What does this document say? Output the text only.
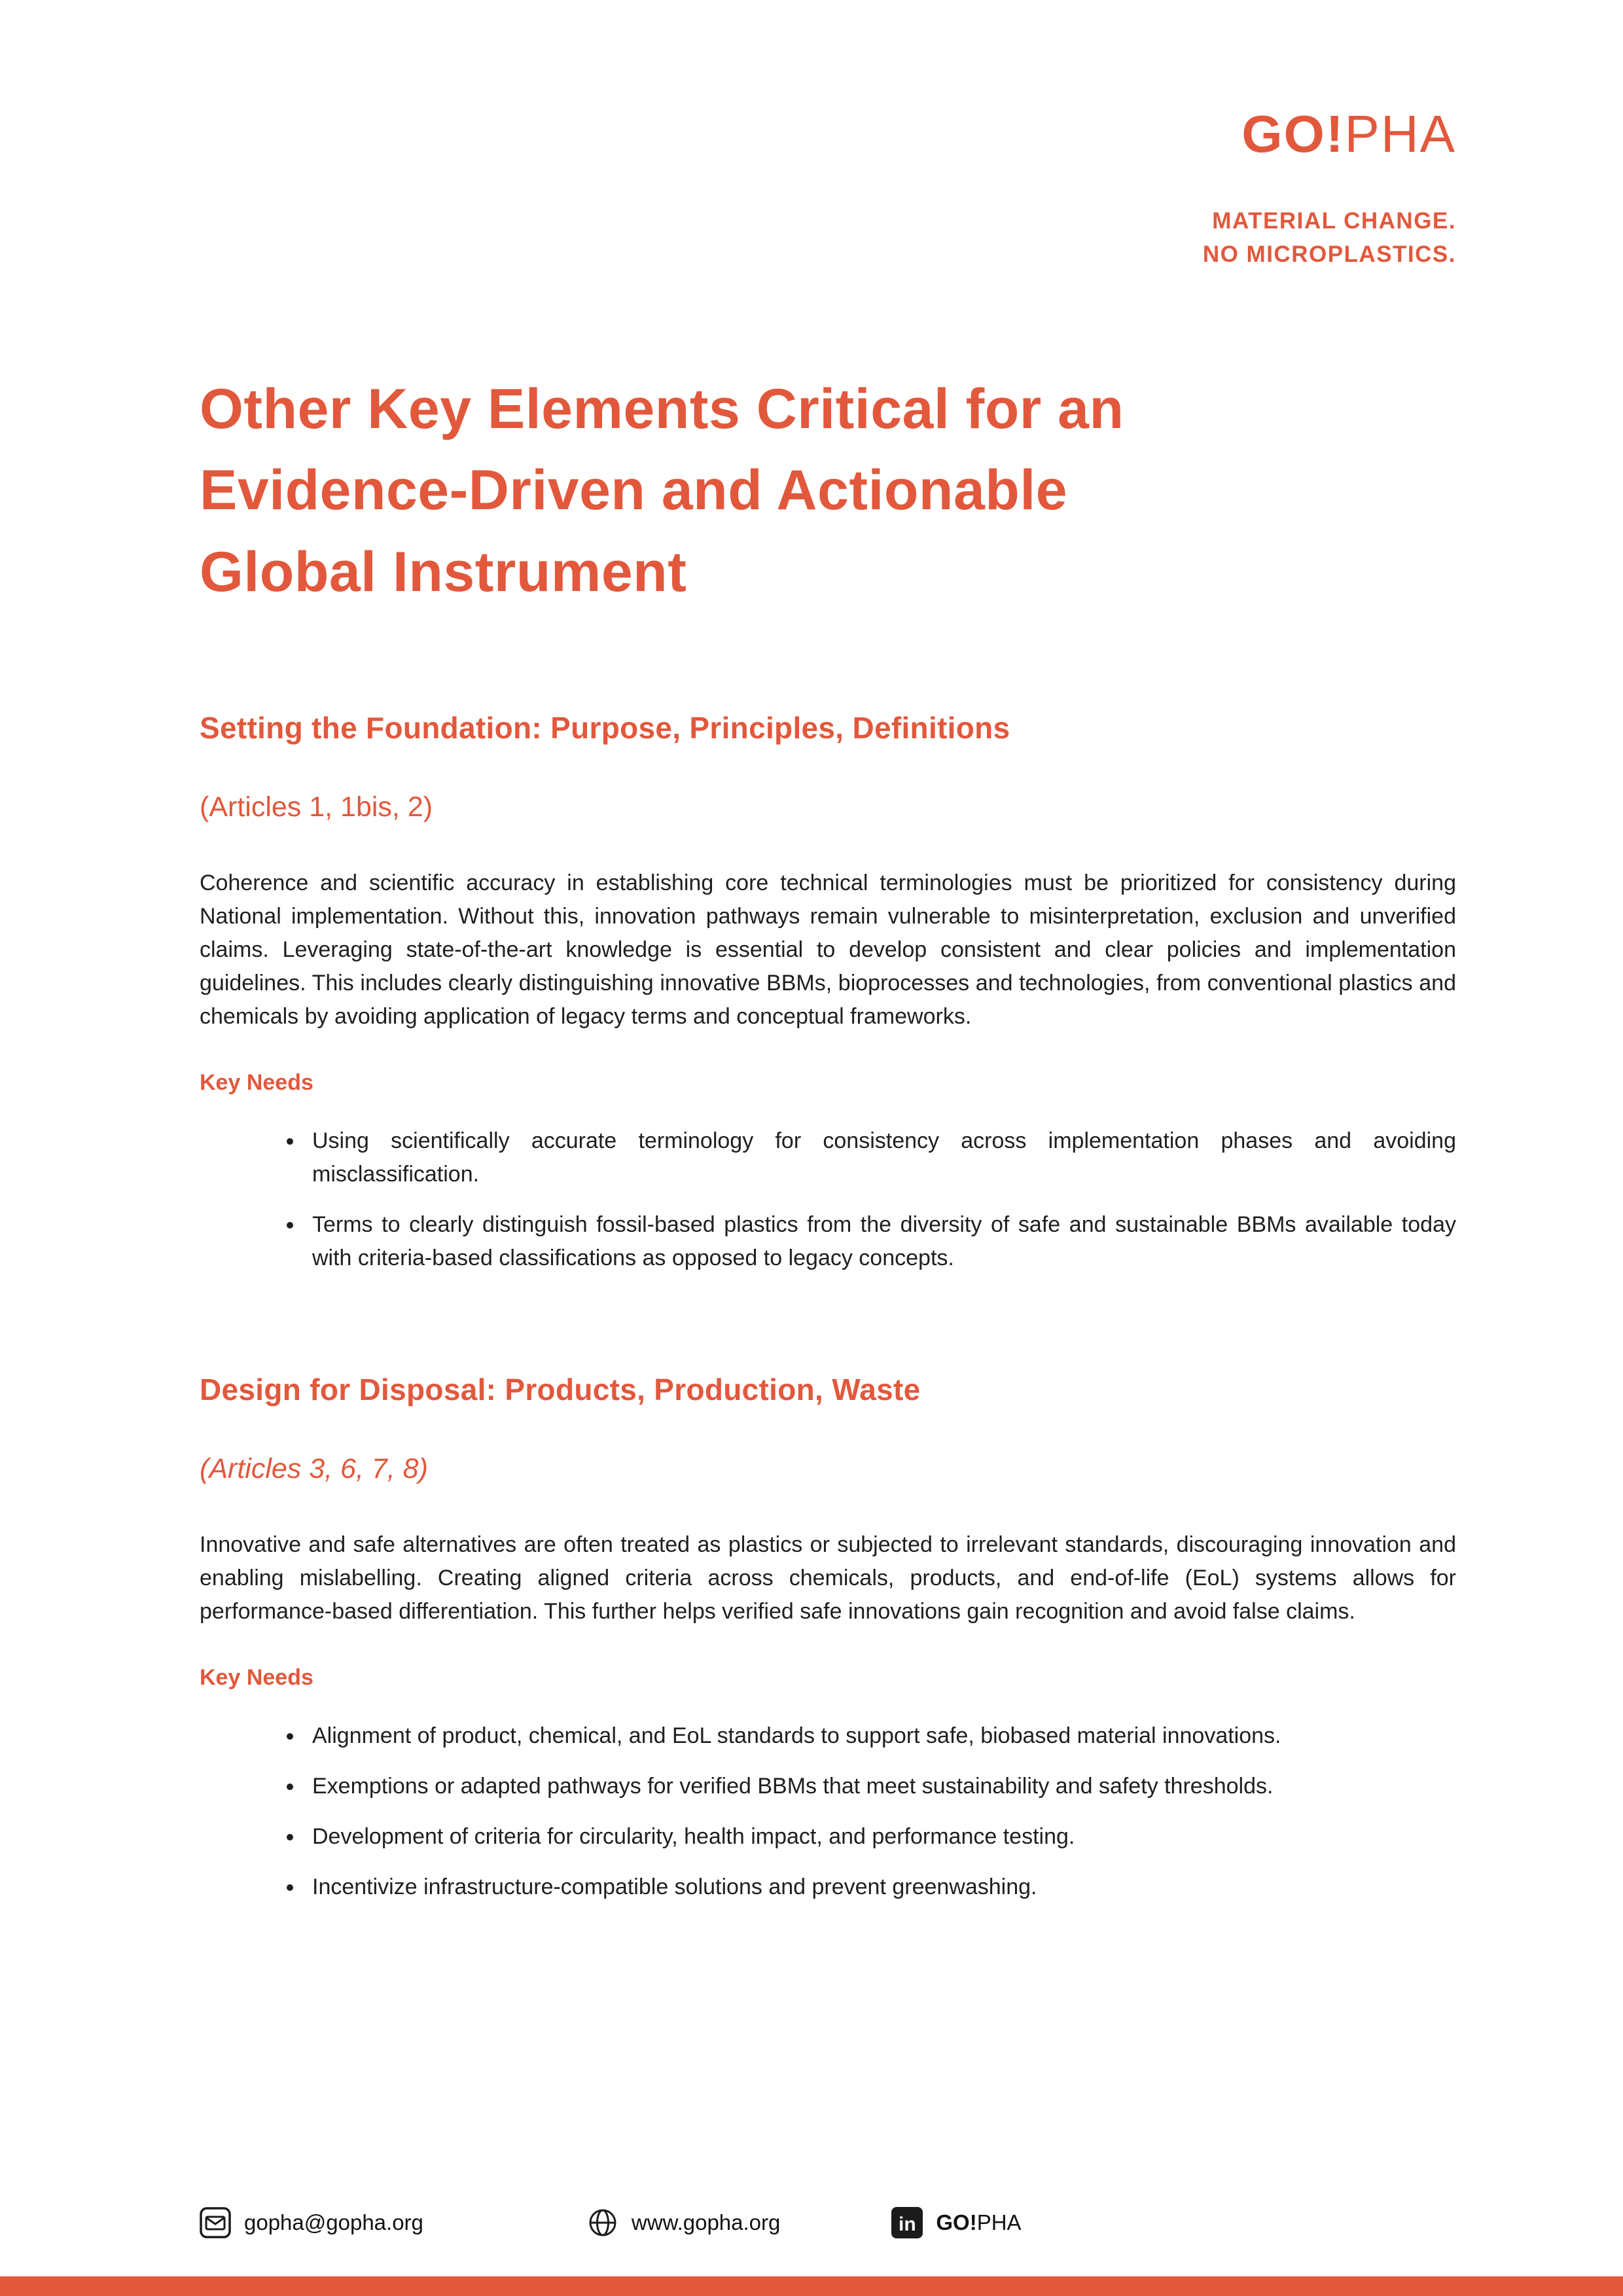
GO!PHA
MATERIAL CHANGE.
NO MICROPLASTICS.
Other Key Elements Critical for an
Evidence-Driven and Actionable
Global Instrument
Setting the Foundation: Purpose, Principles, Definitions
(Articles 1, 1bis, 2)

Coherence and scientific accuracy in establishing core technical terminologies must be prioritized for consistency during National implementation. Without this, innovation pathways remain vulnerable to misinterpretation, exclusion and unverified claims. Leveraging state-of-the-art knowledge is essential to develop consistent and clear policies and implementation guidelines. This includes clearly distinguishing innovative BBMs, bioprocesses and technologies, from conventional plastics and chemicals by avoiding application of legacy terms and conceptual frameworks.

Key Needs
• Using scientifically accurate terminology for consistency across implementation phases and avoiding misclassification.
• Terms to clearly distinguish fossil-based plastics from the diversity of safe and sustainable BBMs available today with criteria-based classifications as opposed to legacy concepts.
Design for Disposal: Products, Production, Waste
(Articles 3, 6, 7, 8)

Innovative and safe alternatives are often treated as plastics or subjected to irrelevant standards, discouraging innovation and enabling mislabelling. Creating aligned criteria across chemicals, products, and end-of-life (EoL) systems allows for performance-based differentiation. This further helps verified safe innovations gain recognition and avoid false claims.

Key Needs
• Alignment of product, chemical, and EoL standards to support safe, biobased material innovations.
• Exemptions or adapted pathways for verified BBMs that meet sustainability and safety thresholds.
• Development of criteria for circularity, health impact, and performance testing.
• Incentivize infrastructure-compatible solutions and prevent greenwashing.
gopha@gopha.org	www.gopha.org	in GO!PHA
